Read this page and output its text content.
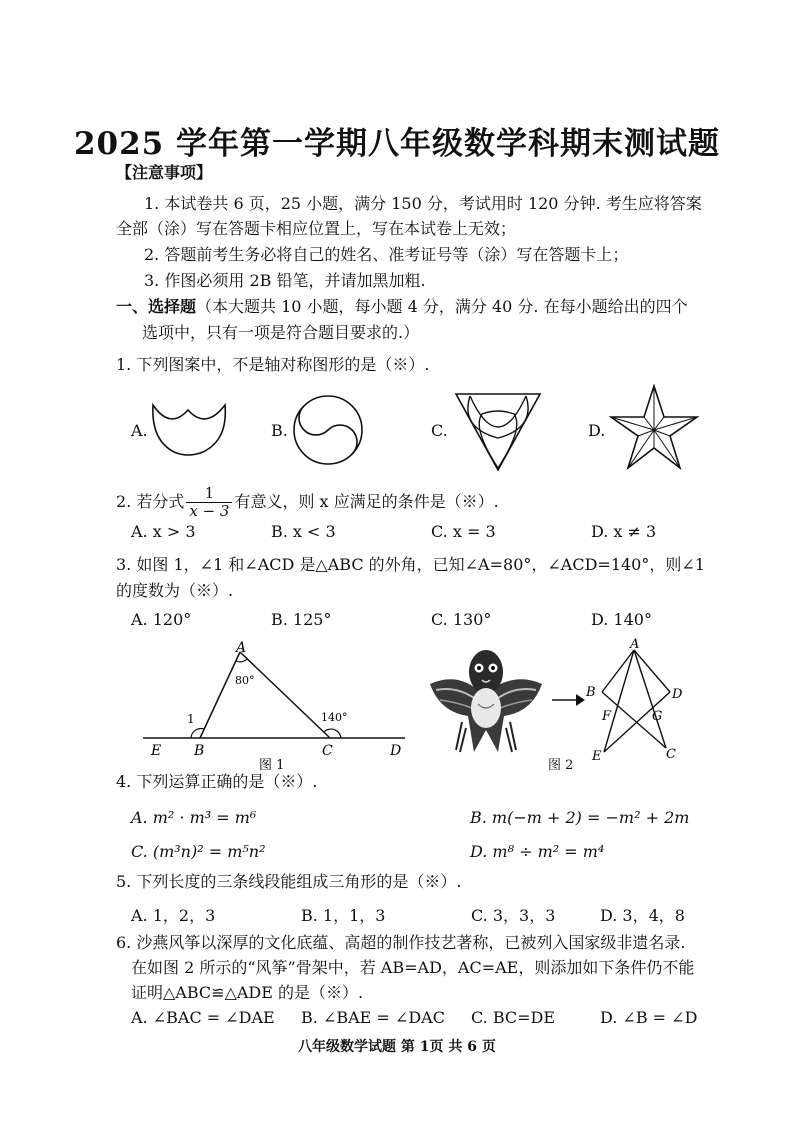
2025 学年第一学期八年级数学科期末测试题
【注意事项】
1. 本试卷共 6 页，25 小题，满分 150 分，考试用时 120 分钟. 考生应将答案
全部（涂）写在答题卡相应位置上，写在本试卷上无效；
2. 答题前考生务必将自己的姓名、准考证号等（涂）写在答题卡上；
3. 作图必须用 2B 铅笔，并请加黑加粗.
一、选择题（本大题共 10 小题，每小题 4 分，满分 40 分. 在每小题给出的四个
选项中，只有一项是符合题目要求的.）
1. 下列图案中，不是轴对称图形的是（※）.
A.	B.	C.	D.
2. 若分式 $\frac{1}{x - 3}$ 有意义，则 x 应满足的条件是（※）.
A. x > 3	B. x < 3	C. x = 3	D. x ≠ 3
3. 如图 1，∠1 和∠ACD 是△ABC 的外角，已知∠A=80°，∠ACD=140°，则∠1
的度数为（※）.
A. 120°	B. 125°	C. 130°	D. 140°
A
80°
1	140°
E B	C	D
图 1
A
B	D
F	G
E	C
图 2
4. 下列运算正确的是（※）.
A. m² · m³ = m⁶	B. m(−m + 2) = −m² + 2m
C. (m³n)² = m⁵n²	D. m⁸ ÷ m² = m⁴
5. 下列长度的三条线段能组成三角形的是（※）.
A. 1，2，3	B. 1，1，3	C. 3，3，3	D. 3，4，8
6. 沙燕风筝以深厚的文化底蕴、高超的制作技艺著称，已被列入国家级非遗名录.
在如图 2 所示的“风筝”骨架中，若 AB=AD，AC=AE，则添加如下条件仍不能
证明△ABC≌△ADE 的是（※）.
A. ∠BAC = ∠DAE B. ∠BAE = ∠DAC C. BC=DE	D. ∠B = ∠D
八年级数学试题 第 1页 共 6 页
